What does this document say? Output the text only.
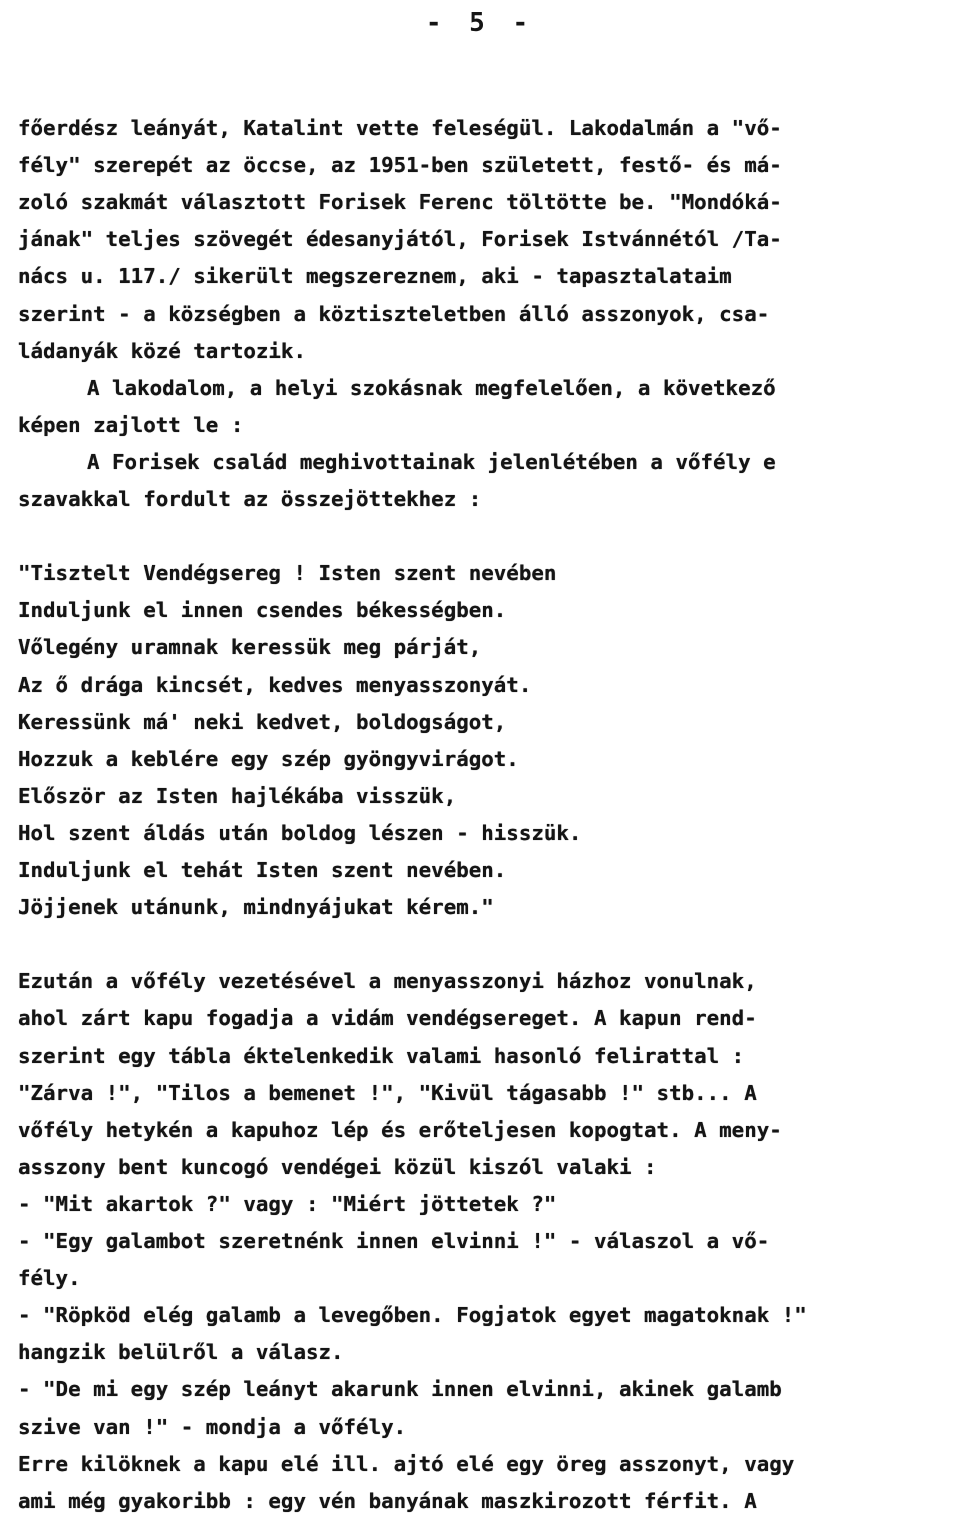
- 5 -
főerdész leányát, Katalint vette feleségül. Lakodalmán a "vő-
fély" szerepét az öccse, az 1951-ben született, festő- és má-
zoló szakmát választott Forisek Ferenc töltötte be. "Mondóká-
jának" teljes szövegét édesanyjától, Forisek Istvánnétól /Ta-
nács u. 117./ sikerült megszereznem, aki - tapasztalataim
szerint - a községben a köztiszteletben álló asszonyok, csa-
ládanyák közé tartozik.
A lakodalom, a helyi szokásnak megfelelően, a következő
képen zajlott le :
A Forisek család meghivottainak jelenlétében a vőfély e
szavakkal fordult az összejöttekhez :
"Tisztelt Vendégsereg ! Isten szent nevében
Induljunk el innen csendes békességben.
Vőlegény uramnak keressük meg párját,
Az ő drága kincsét, kedves menyasszonyát.
Keressünk má' neki kedvet, boldogságot,
Hozzuk a keblére egy szép gyöngyvirágot.
Először az Isten hajlékába visszük,
Hol szent áldás után boldog lészen - hisszük.
Induljunk el tehát Isten szent nevében.
Jöjjenek utánunk, mindnyájukat kérem."
Ezután a vőfély vezetésével a menyasszonyi házhoz vonulnak,
ahol zárt kapu fogadja a vidám vendégsereget. A kapun rend-
szerint egy tábla éktelenkedik valami hasonló felirattal :
"Zárva !", "Tilos a bemenet !", "Kivül tágasabb !" stb... A
vőfély hetykén a kapuhoz lép és erőteljesen kopogtat. A meny-
asszony bent kuncogó vendégei közül kiszól valaki :
- "Mit akartok ?" vagy : "Miért jöttetek ?"
- "Egy galambot szeretnénk innen elvinni !" - válaszol a vő-
fély.
- "Röpköd elég galamb a levegőben. Fogjatok egyet magatoknak !"
hangzik belülről a válasz.
- "De mi egy szép leányt akarunk innen elvinni, akinek galamb
szive van !" - mondja a vőfély.
Erre kilöknek a kapu elé ill. ajtó elé egy öreg asszonyt, vagy
ami még gyakoribb : egy vén banyának maszkirozott férfit. A
